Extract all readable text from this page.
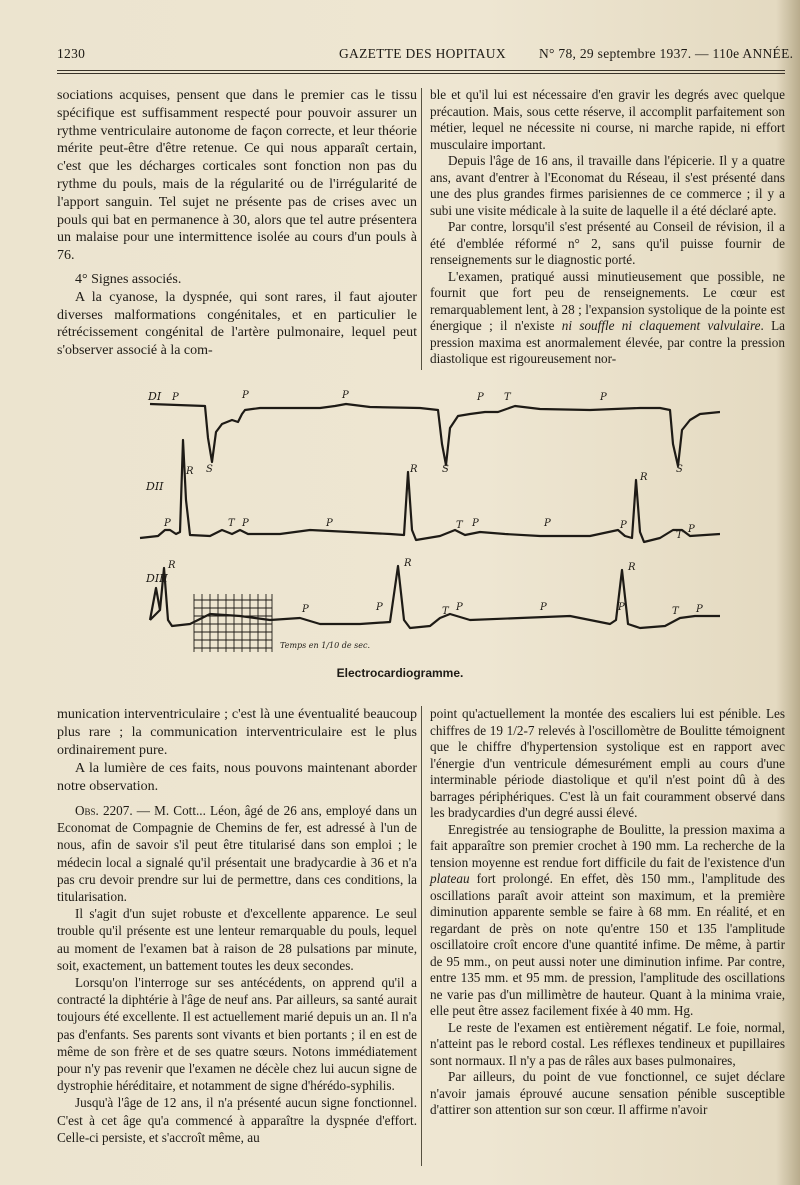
1230	GAZETTE DES HOPITAUX N° 78, 29 septembre 1937. — 110e ANNÉE.

sociations acquises, pensent que dans le premier cas le tissu spécifique est suffisamment respecté pour pouvoir assurer un rythme ventriculaire autonome de façon correcte, et leur théorie mérite peut-être d'être retenue. Ce qui nous apparaît certain, c'est que les décharges corticales sont fonction non pas du rythme du pouls, mais de la régularité ou de l'irrégularité de l'apport sanguin. Tel sujet ne présente pas de crises avec un pouls qui bat en permanence à 30, alors que tel autre présentera un malaise pour une intermittence isolée au cours d'un pouls à 76.

4° Signes associés.

A la cyanose, la dyspnée, qui sont rares, il faut ajouter diverses malformations congénitales, et en particulier le rétrécissement congénital de l'artère pulmonaire, lequel peut s'observer associé à la com-

ble et qu'il lui est nécessaire d'en gravir les degrés avec quelque précaution. Mais, sous cette réserve, il accomplit parfaitement son métier, lequel ne nécessite ni course, ni marche rapide, ni effort musculaire important.

Depuis l'âge de 16 ans, il travaille dans l'épicerie. Il y a quatre ans, avant d'entrer à l'Economat du Réseau, il s'est présenté dans une des plus grandes firmes parisiennes de ce commerce ; il y a subi une visite médicale à la suite de laquelle il a été déclaré apte.

Par contre, lorsqu'il s'est présenté au Conseil de révision, il a été d'emblée réformé n° 2, sans qu'il puisse fournir de renseignements sur le diagnostic porté.

L'examen, pratiqué aussi minutieusement que possible, ne fournit que fort peu de renseignements. Le cœur est remarquablement lent, à 28 ; l'expansion systolique de la pointe est énergique ; il n'existe ni souffle ni claquement valvulaire. La pression maxima est anormalement élevée, par contre la pression diastolique est rigoureusement nor-

DI
DII
DIII
Temps en 1/10 de sec.
P	P	P	P T	P
S	S	S
R	R
R
P	T P	P	T P	P	P
T
P
R	R	R
P	P	T P	P	P	T P
Electrocardiogramme.

munication interventriculaire ; c'est là une éventualité beaucoup plus rare ; la communication interventriculaire est le plus ordinairement pure.

A la lumière de ces faits, nous pouvons maintenant aborder notre observation.

Obs. 2207. — M. Cott... Léon, âgé de 26 ans, employé dans un Economat de Compagnie de Chemins de fer, est adressé à l'un de nous, afin de savoir s'il peut être titularisé dans son emploi ; le médecin local a signalé qu'il présentait une bradycardie à 36 et n'a pas cru devoir prendre sur lui de permettre, dans ces conditions, la titularisation.

Il s'agit d'un sujet robuste et d'excellente apparence. Le seul trouble qu'il présente est une lenteur remarquable du pouls, lequel au moment de l'examen bat à raison de 28 pulsations par minute, soit, exactement, un battement toutes les deux secondes.

Lorsqu'on l'interroge sur ses antécédents, on apprend qu'il a contracté la diphtérie à l'âge de neuf ans. Par ailleurs, sa santé aurait toujours été excellente. Il est actuellement marié depuis un an. Il n'a pas d'enfants. Ses parents sont vivants et bien portants ; il en est de même de son frère et de ses quatre sœurs. Notons immédiatement pour n'y pas revenir que l'examen ne décèle chez lui aucun signe de dystrophie héréditaire, et notamment de signe d'hérédo-syphilis.

Jusqu'à l'âge de 12 ans, il n'a présenté aucun signe fonctionnel. C'est à cet âge qu'a commencé à apparaître la dyspnée d'effort. Celle-ci persiste, et s'accroît même, au

point qu'actuellement la montée des escaliers lui est pénible. Les chiffres de 19 1/2-7 relevés à l'oscillomètre de Boulitte témoignent que le chiffre d'hypertension systolique est en rapport avec l'énergie d'un ventricule démesurément empli au cours d'une interminable période diastolique et qu'il n'est point dû à des barrages périphériques. C'est là un fait couramment observé dans les bradycardies d'un degré aussi élevé.

Enregistrée au tensiographe de Boulitte, la pression maxima a fait apparaître son premier crochet à 190 mm. La recherche de la tension moyenne est rendue fort difficile du fait de l'existence d'un plateau fort prolongé. En effet, dès 150 mm., l'amplitude des oscillations paraît avoir atteint son maximum, et la première diminution apparente semble se faire à 68 mm. En réalité, et en regardant de près on note qu'entre 150 et 135 l'amplitude oscillatoire croît encore d'une quantité infime. De même, à partir de 95 mm., on peut aussi noter une diminution infime. Par contre, entre 135 mm. et 95 mm. de pression, l'amplitude des oscillations ne varie pas d'un millimètre de hauteur. Quant à la minima vraie, elle peut être assez facilement fixée à 40 mm. Hg.

Le reste de l'examen est entièrement négatif. Le foie, normal, n'atteint pas le rebord costal. Les réflexes tendineux et pupillaires sont normaux. Il n'y a pas de râles aux bases pulmonaires,

Par ailleurs, du point de vue fonctionnel, ce sujet déclare n'avoir jamais éprouvé aucune sensation pénible susceptible d'attirer son attention sur son cœur. Il affirme n'avoir
